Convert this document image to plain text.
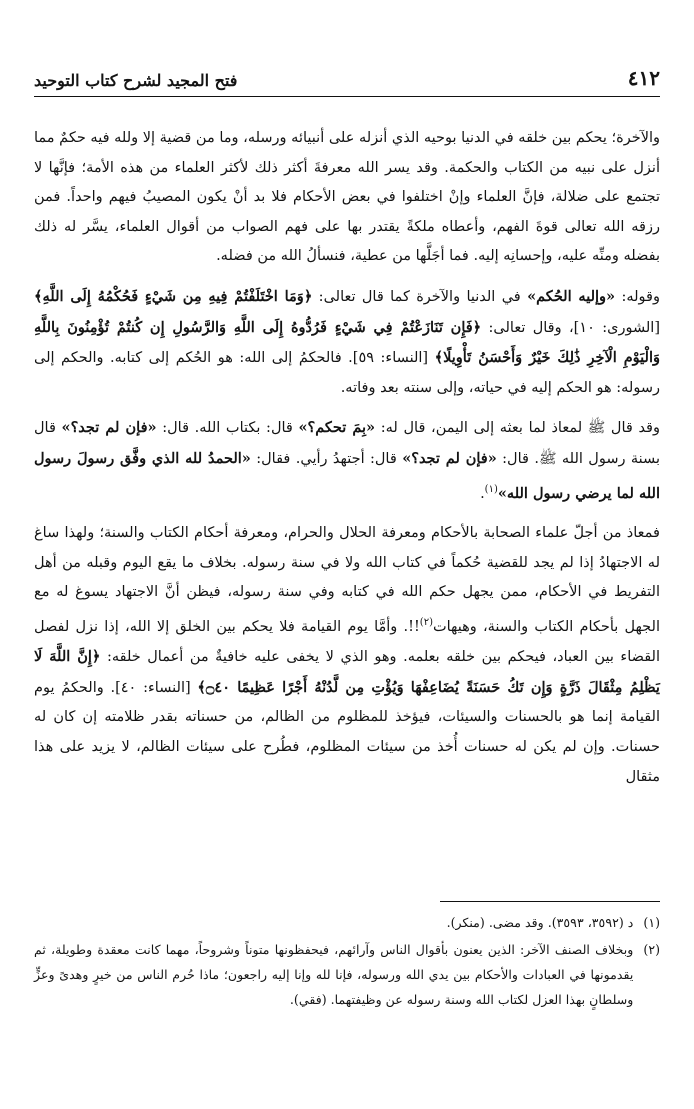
٤١٢
فتح المجيد لشرح كتاب التوحيد

والآخرة؛ يحكم بين خلقه في الدنيا بوحيه الذي أنزله على أنبيائه ورسله، وما من قضية إلا ولله فيه حكمٌ مما أنزل على نبيه من الكتاب والحكمة. وقد يسر الله معرفةَ أكثر ذلك لأكثر العلماء من هذه الأمة؛ فإنَّها لا تجتمع على ضلالة، فإنَّ العلماء وإنْ اختلفوا في بعض الأحكام فلا بد أنْ يكون المصيبُ فيهم واحداً. فمن رزقه الله تعالى قوةَ الفهم، وأعطاه ملكةً يقتدر بها على فهم الصواب من أقوال العلماء، يسَّر له ذلك بفضله ومنِّه عليه، وإحسانِه إليه. فما أجَلَّها من عطية، فنسألُ الله من فضله.

وقوله: «وإليه الحُكم» في الدنيا والآخرة كما قال تعالى: ﴿وَمَا اخْتَلَفْتُمْ فِيهِ مِن شَيْءٍ فَحُكْمُهُ إِلَى اللَّهِ﴾ [الشورى: ١٠]، وقال تعالى: ﴿فَإِن تَنَازَعْتُمْ فِي شَيْءٍ فَرُدُّوهُ إِلَى اللَّهِ وَالرَّسُولِ إِن كُنتُمْ تُؤْمِنُونَ بِاللَّهِ وَالْيَوْمِ الْآخِرِ ذَٰلِكَ خَيْرٌ وَأَحْسَنُ تَأْوِيلًا﴾ [النساء: ٥٩]. فالحكمُ إلى الله: هو الحُكم إلى كتابه. والحكم إلى رسوله: هو الحكم إليه في حياته، وإلى سنته بعد وفاته.

وقد قال ﷺ لمعاذ لما بعثه إلى اليمن، قال له: «بِمَ تحكم؟» قال: بكتاب الله. قال: «فإن لم تجد؟» قال بسنة رسول الله ﷺ. قال: «فإن لم تجد؟» قال: أجتهدُ رأيي. فقال: «الحمدُ لله الذي وفَّق رسولَ رسول الله لما يرضي رسول الله»$^{(١)}$.

فمعاذ من أجلّ علماء الصحابة بالأحكام ومعرفة الحلال والحرام، ومعرفة أحكام الكتاب والسنة؛ ولهذا ساغ له الاجتهادُ إذا لم يجد للقضية حُكماً في كتاب الله ولا في سنة رسوله. بخلاف ما يقع اليوم وقبله من أهل التفريط في الأحكام، ممن يجهل حكم الله في كتابه وفي سنة رسوله، فيظن أنَّ الاجتهاد يسوغ له مع الجهل بأحكام الكتاب والسنة، وهيهات$^{(٢)}$!!. وأمَّا يوم القيامة فلا يحكم بين الخلق إلا الله، إذا نزل لفصل القضاء بين العباد، فيحكم بين خلقه بعلمه. وهو الذي لا يخفى عليه خافيةٌ من أعمال خلقه: ﴿إِنَّ اللَّهَ لَا يَظْلِمُ مِثْقَالَ ذَرَّةٍ وَإِن تَكُ حَسَنَةً يُضَاعِفْهَا وَيُؤْتِ مِن لَّدُنْهُ أَجْرًا عَظِيمًا ۝٤٠﴾ [النساء: ٤٠]. والحكمُ يوم القيامة إنما هو بالحسنات والسيئات، فيؤخذ للمظلوم من الظالم، من حسناته بقدر ظلامته إن كان له حسنات. وإن لم يكن له حسنات أُخذ من سيئات المظلوم، فطُرح على سيئات الظالم، لا يزيد على هذا مثقال

(١)
د (٣٥٩٢، ٣٥٩٣). وقد مضى. (منكر).
(٢)
وبخلاف الصنف الآخر: الذين يعنون بأقوال الناس وآرائهم، فيحفظونها متوناً وشروحاً، مهما كانت معقدة وطويلة، ثم يقدمونها في العبادات والأحكام بين يدي الله ورسوله، فإنا لله وإنا إليه راجعون؛ ماذا حُرم الناس من خيرٍ وهدىً وعزٍّ وسلطانٍ بهذا العزل لكتاب الله وسنة رسوله عن وظيفتهما. (فقي).
